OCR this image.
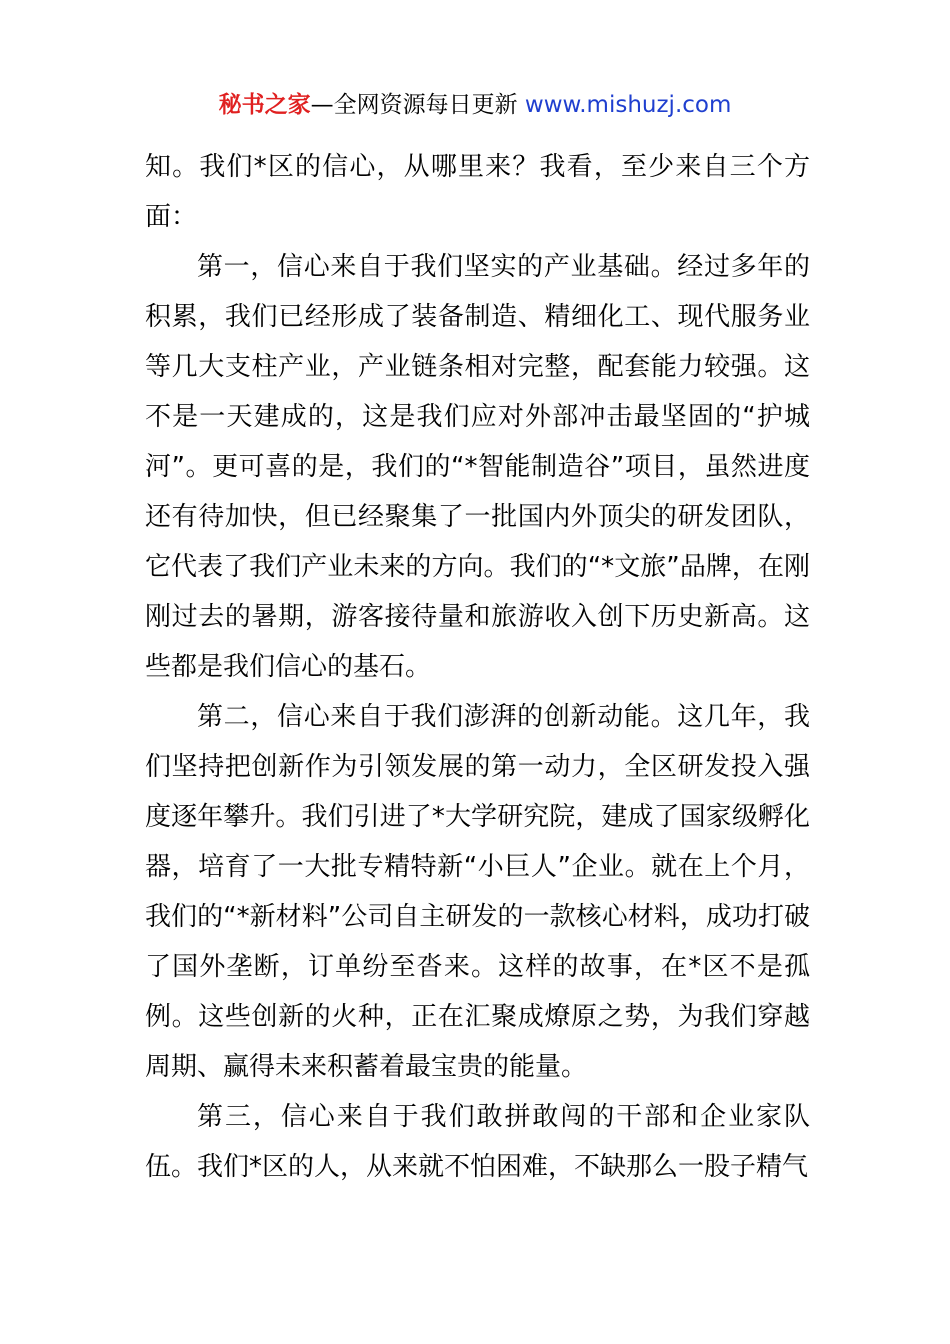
秘书之家—全网资源每日更新 www.mishuzj.com

知。我们*区的信心，从哪里来？我看，至少来自三个方面：

第一，信心来自于我们坚实的产业基础。经过多年的积累，我们已经形成了装备制造、精细化工、现代服务业等几大支柱产业，产业链条相对完整，配套能力较强。这不是一天建成的，这是我们应对外部冲击最坚固的“护城河”。更可喜的是，我们的“*智能制造谷”项目，虽然进度还有待加快，但已经聚集了一批国内外顶尖的研发团队，它代表了我们产业未来的方向。我们的“*文旅”品牌，在刚刚过去的暑期，游客接待量和旅游收入创下历史新高。这些都是我们信心的基石。

第二，信心来自于我们澎湃的创新动能。这几年，我们坚持把创新作为引领发展的第一动力，全区研发投入强度逐年攀升。我们引进了*大学研究院，建成了国家级孵化器，培育了一大批专精特新“小巨人”企业。就在上个月，我们的“*新材料”公司自主研发的一款核心材料，成功打破了国外垄断，订单纷至沓来。这样的故事，在*区不是孤例。这些创新的火种，正在汇聚成燎原之势，为我们穿越周期、赢得未来积蓄着最宝贵的能量。

第三，信心来自于我们敢拼敢闯的干部和企业家队伍。我们*区的人，从来就不怕困难，不缺那么一股子精气
